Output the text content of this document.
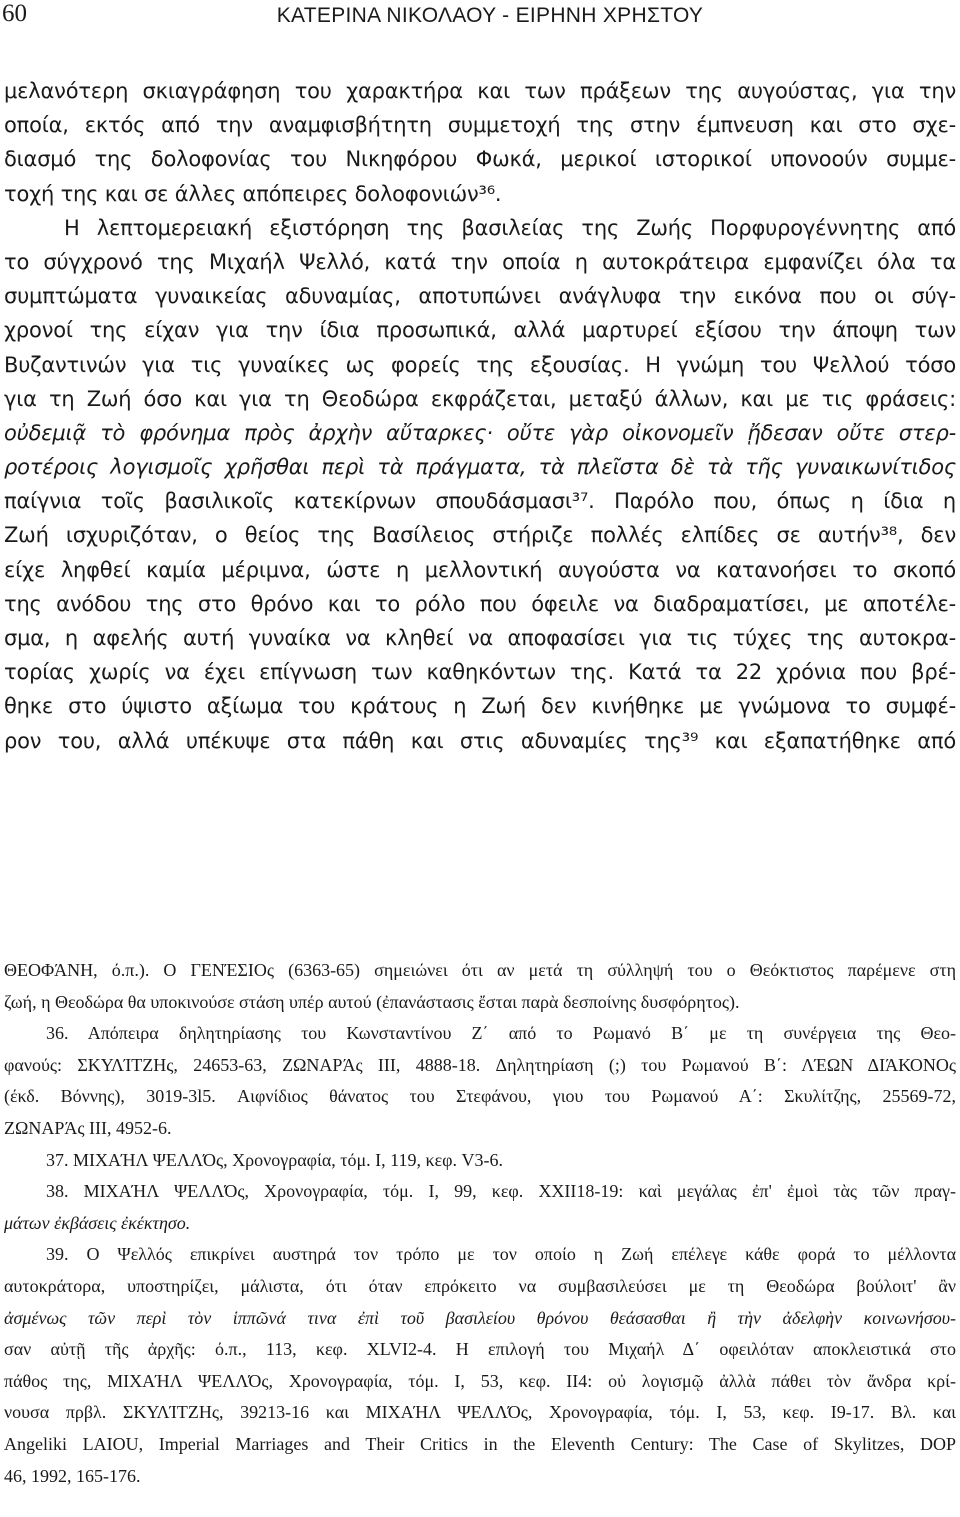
60	ΚΑΤΕΡΙΝΑ ΝΙΚΟΛΑΟΥ - ΕΙΡΗΝΗ ΧΡΗΣΤΟΥ
μελανότερη σκιαγράφηση του χαρακτήρα και των πράξεων της αυγούστας, για την
οποία, εκτός από την αναμφισβήτητη συμμετοχή της στην έμπνευση και στο σχε-
διασμό της δολοφονίας του Νικηφόρου Φωκά, μερικοί ιστορικοί υπονοούν συμμε-
τοχή της και σε άλλες απόπειρες δολοφονιών³⁶.
Η λεπτομερειακή εξιστόρηση της βασιλείας της Ζωής Πορφυρογέννητης από
το σύγχρονό της Μιχαήλ Ψελλό, κατά την οποία η αυτοκράτειρα εμφανίζει όλα τα
συμπτώματα γυναικείας αδυναμίας, αποτυπώνει ανάγλυφα την εικόνα που οι σύγ-
χρονοί της είχαν για την ίδια προσωπικά, αλλά μαρτυρεί εξίσου την άποψη των
Βυζαντινών για τις γυναίκες ως φορείς της εξουσίας. Η γνώμη του Ψελλού τόσο
για τη Ζωή όσο και για τη Θεοδώρα εκφράζεται, μεταξύ άλλων, και με τις φράσεις:
οὐδεμιᾷ τὸ φρόνημα πρὸς ἀρχὴν αὔταρκες· οὔτε γὰρ οἰκονομεῖν ᾔδεσαν οὔτε στερ-
ροτέροις λογισμοῖς χρῆσθαι περὶ τὰ πράγματα, τὰ πλεῖστα δὲ τὰ τῆς γυναικωνίτιδος
παίγνια τοῖς βασιλικοῖς κατεκίρνων σπουδάσμασι³⁷. Παρόλο που, όπως η ίδια η
Ζωή ισχυριζόταν, ο θείος της Βασίλειος στήριζε πολλές ελπίδες σε αυτήν³⁸, δεν
είχε ληφθεί καμία μέριμνα, ώστε η μελλοντική αυγούστα να κατανοήσει το σκοπό
της ανόδου της στο θρόνο και το ρόλο που όφειλε να διαδραματίσει, με αποτέλε-
σμα, η αφελής αυτή γυναίκα να κληθεί να αποφασίσει για τις τύχες της αυτοκρα-
τορίας χωρίς να έχει επίγνωση των καθηκόντων της. Κατά τα 22 χρόνια που βρέ-
θηκε στο ύψιστο αξίωμα του κράτους η Ζωή δεν κινήθηκε με γνώμονα το συμφέ-
ρον του, αλλά υπέκυψε στα πάθη και στις αδυναμίες της³⁹ και εξαπατήθηκε από
ΘΕΟΦΆΝΗ, ό.π.). Ο ΓΕΝΈΣΙΟς (6363-65) σημειώνει ότι αν μετά τη σύλληψή του ο Θεόκτιστος παρέμενε στη
ζωή, η Θεοδώρα θα υποκινούσε στάση υπέρ αυτού (ἐπανάστασις ἔσται παρὰ δεσποίνης δυσφόρητος).
36. Απόπειρα δηλητηρίασης του Κωνσταντίνου Ζ΄ από το Ρωμανό Β΄ με τη συνέργεια της Θεο-
φανούς: ΣΚΥΛΊΤΖΗς, 24653-63, ΖΩΝΑΡΆς III, 4888-18. Δηλητηρίαση (;) του Ρωμανού Β΄: ΛΈΩΝ ΔΙΆΚΟΝΟς
(έκδ. Βόννης), 3019-3l5. Αιφνίδιος θάνατος του Στεφάνου, γιου του Ρωμανού Α΄: Σκυλίτζης, 25569-72,
ΖΩΝΑΡΆς III, 4952-6.
37. ΜΙΧΑΉΛ ΨΕΛΛΌς, Χρονογραφία, τόμ. I, 119, κεφ. V3-6.
38. ΜΙΧΑΉΛ ΨΕΛΛΌς, Χρονογραφία, τόμ. I, 99, κεφ. XXII18-19: καὶ μεγάλας ἐπ' ἐμοὶ τὰς τῶν πραγ-
μάτων ἐκβάσεις ἐκέκτησο.
39. Ο Ψελλός επικρίνει αυστηρά τον τρόπο με τον οποίο η Ζωή επέλεγε κάθε φορά το μέλλοντα
αυτοκράτορα, υποστηρίζει, μάλιστα, ότι όταν επρόκειτο να συμβασιλεύσει με τη Θεοδώρα βούλοιτ' ἂν
ἀσμένως τῶν περὶ τὸν ἱππῶνά τινα ἐπὶ τοῦ βασιλείου θρόνου θεάσασθαι ἢ τὴν ἀδελφὴν κοινωνήσου-
σαν αὐτῇ τῆς ἀρχῆς: ό.π., 113, κεφ. XLVI2-4. Η επιλογή του Μιχαήλ Δ΄ οφειλόταν αποκλειστικά στο
πάθος της, ΜΙΧΑΉΛ ΨΕΛΛΌς, Χρονογραφία, τόμ. I, 53, κεφ. II4: οὐ λογισμῷ ἀλλὰ πάθει τὸν ἄνδρα κρί-
νουσα πρβλ. ΣΚΥΛΊΤΖΗς, 39213-16 και ΜΙΧΑΉΛ ΨΕΛΛΌς, Χρονογραφία, τόμ. I, 53, κεφ. I9-17. Βλ. και
Angeliki LAIOU, Imperial Marriages and Their Critics in the Eleventh Century: The Case of Skylitzes, DOP
46, 1992, 165-176.
